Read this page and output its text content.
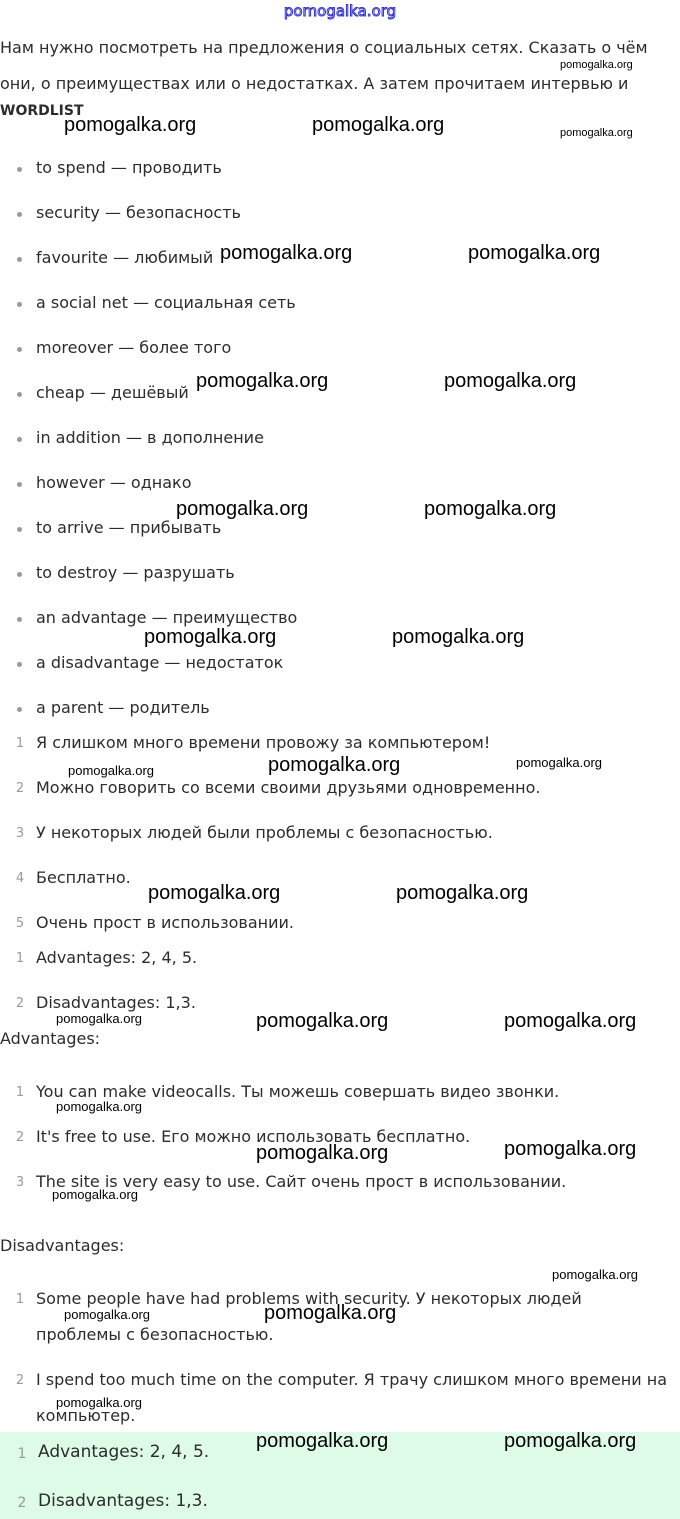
pomogalka.org
Нам нужно посмотреть на предложения о социальных сетях. Сказать о чём они, о преимуществах или о недостатках. А затем прочитаем интервью и
WORDLIST
to spend — проводить
security — безопасность
favourite — любимый
a social net — социальная сеть
moreover — более того
cheap — дешёвый
in addition — в дополнение
however — однако
to arrive — прибывать
to destroy — разрушать
an advantage — преимущество
a disadvantage — недостаток
a parent — родитель
1 Я слишком много времени провожу за компьютером!
2 Можно говорить со всеми своими друзьями одновременно.
3 У некоторых людей были проблемы с безопасностью.
4 Бесплатно.
5 Очень прост в использовании.
1 Advantages: 2, 4, 5.
2 Disadvantages: 1,3.
Advantages:
1 You can make videocalls. Ты можешь совершать видео звонки.
2 It's free to use. Его можно использовать бесплатно.
3 The site is very easy to use. Сайт очень прост в использовании.
Disadvantages:
1 Some people have had problems with security. У некоторых людей проблемы с безопасностью.
2 I spend too much time on the computer. Я трачу слишком много времени на компьютер.
1 Advantages: 2, 4, 5.
2 Disadvantages: 1,3.
pomogalka.org	pomogalka.org
pomogalka.org
pomogalka.org
pomogalka.org	pomogalka.org
pomogalka.org	pomogalka.org
pomogalka.org	pomogalka.org
pomogalka.org	pomogalka.org
pomogalka.org	pomogalka.org	pomogalka.org
pomogalka.org	pomogalka.org
pomogalka.org	pomogalka.org	pomogalka.org
pomogalka.org
pomogalka.org	pomogalka.org
pomogalka.org
pomogalka.org
pomogalka.org	pomogalka.org
pomogalka.org
pomogalka.org	pomogalka.org
